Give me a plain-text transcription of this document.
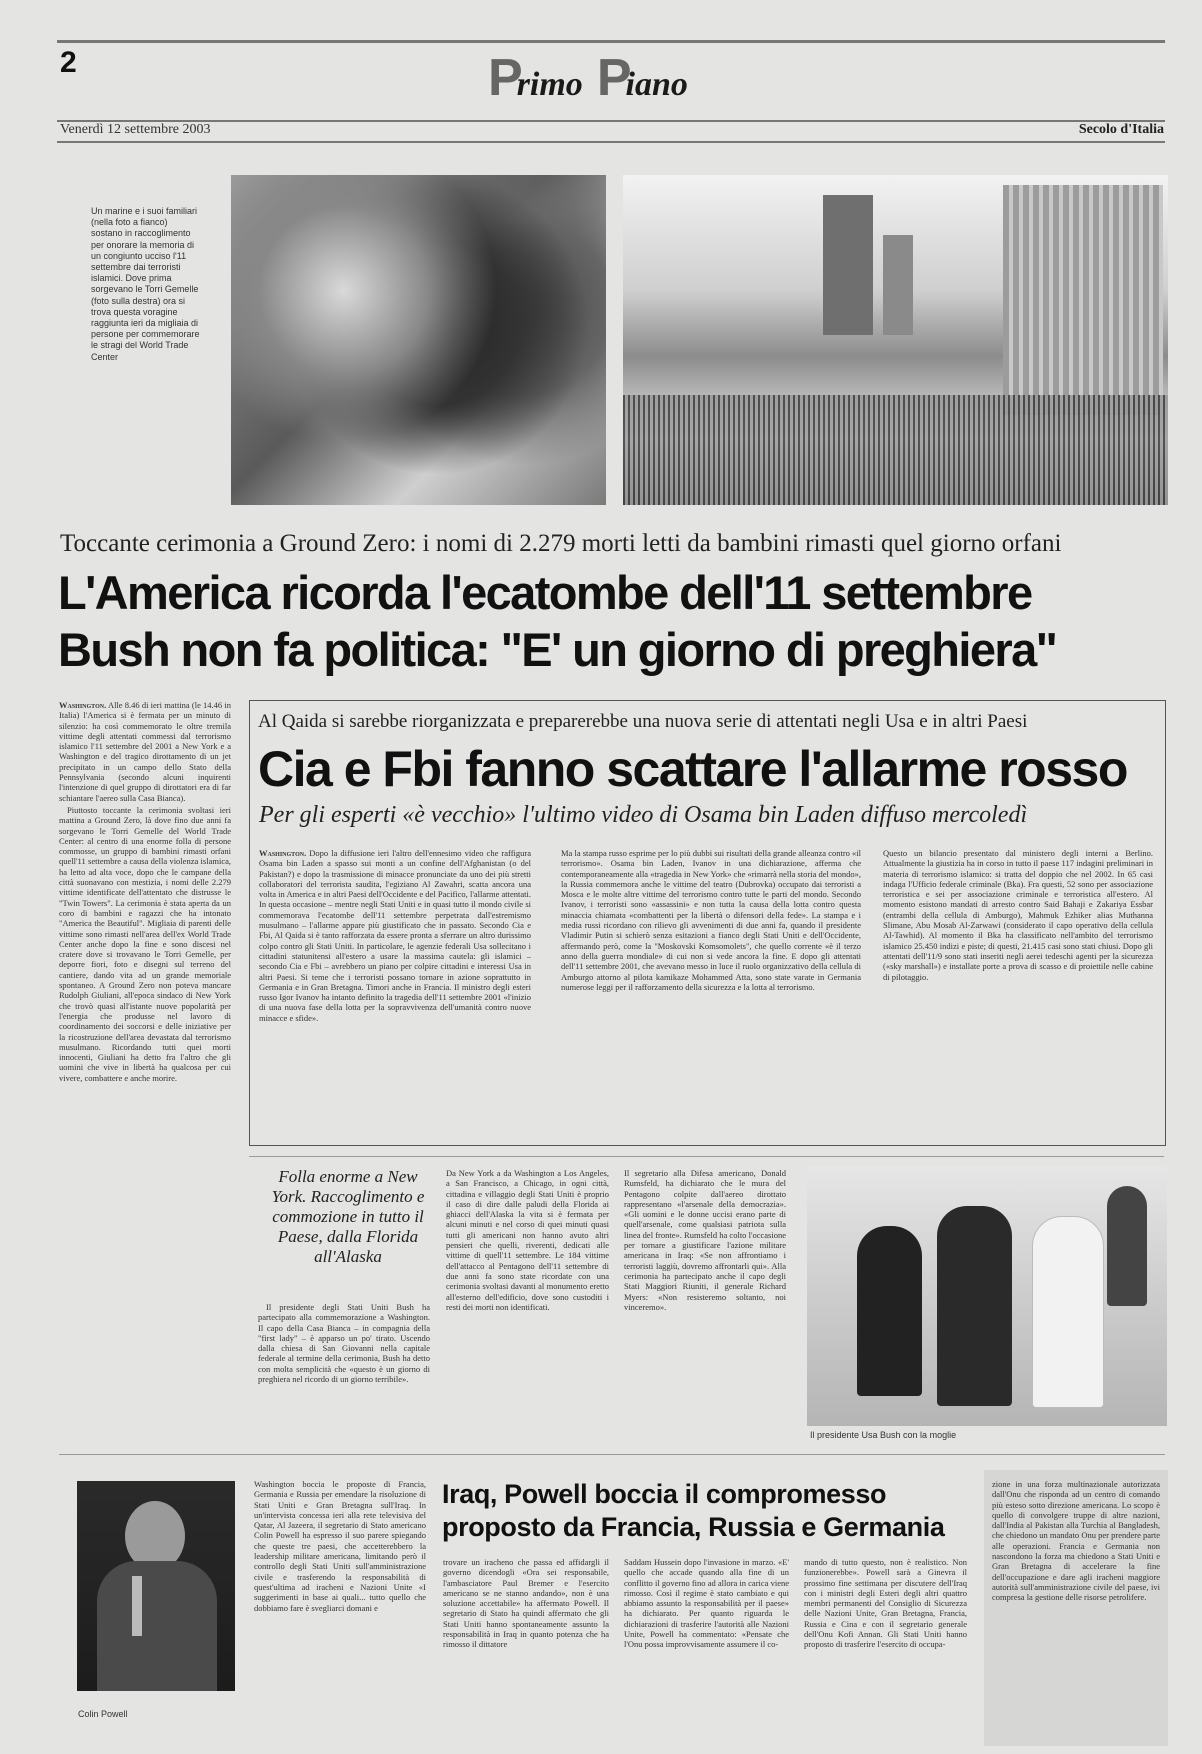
2	Primo Piano
Venerdì 12 settembre 2003	Secolo d'Italia
Un marine e i suoi familiari (nella foto a fianco) sostano in raccoglimento per onorare la memoria di un congiunto ucciso l'11 settembre dai terroristi islamici. Dove prima sorgevano le Torri Gemelle (foto sulla destra) ora si trova questa voragine raggiunta ieri da migliaia di persone per commemorare le stragi del World Trade Center
Toccante cerimonia a Ground Zero: i nomi di 2.279 morti letti da bambini rimasti quel giorno orfani
L'America ricorda l'ecatombe dell'11 settembre
Bush non fa politica: "E' un giorno di preghiera"

Washington. Alle 8.46 di ieri mattina (le 14.46 in Italia) l'America si è fermata per un minuto di silenzio: ha così commemorato le oltre tremila vittime degli attentati commessi dal terrorismo islamico l'11 settembre del 2001 a New York e a Washington e del tragico dirottamento di un jet precipitato in un campo dello Stato della Pennsylvania (secondo alcuni inquirenti l'intenzione di quel gruppo di dirottatori era di far schiantare l'aereo sulla Casa Bianca).

Piuttosto toccante la cerimonia svoltasi ieri mattina a Ground Zero, là dove fino due anni fa sorgevano le Torri Gemelle del World Trade Center: al centro di una enorme folla di persone commosse, un gruppo di bambini rimasti orfani quell'11 settembre a causa della violenza islamica, ha letto ad alta voce, dopo che le campane della città suonavano con mestizia, i nomi delle 2.279 vittime identificate dell'attentato che distrusse le "Twin Towers". La cerimonia è stata aperta da un coro di bambini e ragazzi che ha intonato "America the Beautiful". Migliaia di parenti delle vittime sono rimasti nell'area dell'ex World Trade Center anche dopo la fine e sono discesi nel cratere dove si trovavano le Torri Gemelle, per deporre fiori, foto e disegni sul terreno del cantiere, dando vita ad un grande memoriale spontaneo. A Ground Zero non poteva mancare Rudolph Giuliani, all'epoca sindaco di New York che trovò quasi all'istante nuove popolarità per l'energia che produsse nel lavoro di coordinamento dei soccorsi e delle iniziative per la ricostruzione dell'area devastata dal terrorismo musulmano. Ricordando tutti quei morti innocenti, Giuliani ha detto fra l'altro che gli uomini che vive in libertà ha qualcosa per cui vivere, combattere e anche morire.

Al Qaida si sarebbe riorganizzata e preparerebbe una nuova serie di attentati negli Usa e in altri Paesi
Cia e Fbi fanno scattare l'allarme rosso
Per gli esperti «è vecchio» l'ultimo video di Osama bin Laden diffuso mercoledì

Washington. Dopo la diffusione ieri l'altro dell'ennesimo video che raffigura Osama bin Laden a spasso sui monti a un confine dell'Afghanistan (o del Pakistan?) e dopo la trasmissione di minacce pronunciate da uno dei più stretti collaboratori del terrorista saudita, l'egiziano Al Zawahri, scatta ancora una volta in America e in altri Paesi dell'Occidente e del Pacifico, l'allarme attentati. In questa occasione – mentre negli Stati Uniti e in quasi tutto il mondo civile si commemorava l'ecatombe dell'11 settembre perpetrata dall'estremismo musulmano – l'allarme appare più giustificato che in passato. Secondo Cia e Fbi, Al Qaida si è tanto rafforzata da essere pronta a sferrare un altro durissimo colpo contro gli Stati Uniti. In particolare, le agenzie federali Usa sollecitano i cittadini statunitensi all'estero a usare la massima cautela: gli islamici – secondo Cia e Fbi – avrebbero un piano per colpire cittadini e interessi Usa in altri Paesi. Si teme che i terroristi possano tornare in azione soprattutto in Germania e in Gran Bretagna. Timori anche in Francia. Il ministro degli esteri russo Igor Ivanov ha intanto definito la tragedia dell'11 settembre 2001 «l'inizio di una nuova fase della lotta per la sopravvivenza dell'umanità contro nuove minacce e sfide».

Ma la stampa russo esprime per lo più dubbi sui risultati della grande alleanza contro «il terrorismo». Osama bin Laden, Ivanov in una dichiarazione, afferma che contemporaneamente alla «tragedia in New York» che «rimarrà nella storia del mondo», la Russia commemora anche le vittime del teatro (Dubrovka) occupato dai terroristi a Mosca e le molte altre vittime del terrorismo contro tutte le parti del mondo. Secondo Ivanov, i terroristi sono «assassini» e non tutta la causa della lotta contro questa minaccia chiamata «combattenti per la libertà o difensori della fede». La stampa e i media russi ricordano con rilievo gli avvenimenti di due anni fa, quando il presidente Vladimir Putin si schierò senza esitazioni a fianco degli Stati Uniti e dell'Occidente, affermando però, come la "Moskovski Komsomolets", che quello corrente «è il terzo anno della guerra mondiale» di cui non si vede ancora la fine. E dopo gli attentati dell'11 settembre 2001, che avevano messo in luce il ruolo organizzativo della cellula di Amburgo attorno al pilota kamikaze Mohammed Atta, sono state varate in Germania numerose leggi per il rafforzamento della sicurezza e la lotta al terrorismo.

Questo un bilancio presentato dal ministero degli interni a Berlino. Attualmente la giustizia ha in corso in tutto il paese 117 indagini preliminari in materia di terrorismo islamico: si tratta del doppio che nel 2002. In 65 casi indaga l'Ufficio federale criminale (Bka). Fra questi, 52 sono per associazione terroristica e sei per associazione criminale e terroristica all'estero. Al momento esistono mandati di arresto contro Said Bahaji e Zakariya Essbar (entrambi della cellula di Amburgo), Mahmuk Ezhiker alias Muthanna Slimane, Abu Mosab Al-Zarwawi (considerato il capo operativo della cellula Al-Tawhid). Al momento il Bka ha classificato nell'ambito del terrorismo islamico 25.450 indizi e piste; di questi, 21.415 casi sono stati chiusi. Dopo gli attentati dell'11/9 sono stati inseriti negli aerei tedeschi agenti per la sicurezza («sky marshall») e installate porte a prova di scasso e di proiettile nelle cabine di pilotaggio.

Folla enorme a New York. Raccoglimento e commozione in tutto il Paese, dalla Florida all'Alaska

Il presidente degli Stati Uniti Bush ha partecipato alla commemorazione a Washington. Il capo della Casa Bianca – in compagnia della "first lady" – è apparso un po' tirato. Uscendo dalla chiesa di San Giovanni nella capitale federale al termine della cerimonia, Bush ha detto con molta semplicità che «questo è un giorno di preghiera nel ricordo di un giorno terribile».

Da New York a da Washington a Los Angeles, a San Francisco, a Chicago, in ogni città, cittadina e villaggio degli Stati Uniti è proprio il caso di dire dalle paludi della Florida ai ghiacci dell'Alaska la vita si è fermata per alcuni minuti e nel corso di quei minuti quasi tutti gli americani non hanno avuto altri pensieri che quelli, riverenti, dedicati alle vittime di quell'11 settembre. Le 184 vittime dell'attacco al Pentagono dell'11 settembre di due anni fa sono state ricordate con una cerimonia svoltasi davanti al monumento eretto all'esterno dell'edificio, dove sono custoditi i resti dei morti non identificati.

Il segretario alla Difesa americano, Donald Rumsfeld, ha dichiarato che le mura del Pentagono colpite dall'aereo dirottato rappresentano «l'arsenale della democrazia». «Gli uomini e le donne uccisi erano parte di quell'arsenale, come qualsiasi patriota sulla linea del fronte». Rumsfeld ha colto l'occasione per tornare a giustificare l'azione militare americana in Iraq: «Se non affrontiamo i terroristi laggiù, dovremo affrontarli qui». Alla cerimonia ha partecipato anche il capo degli Stati Maggiori Riuniti, il generale Richard Myers: «Non resisteremo soltanto, noi vinceremo».

Il presidente Usa Bush con la moglie
Colin Powell

Washington boccia le proposte di Francia, Germania e Russia per emendare la risoluzione di Stati Uniti e Gran Bretagna sull'Iraq. In un'intervista concessa ieri alla rete televisiva del Qatar, Al Jazeera, il segretario di Stato americano Colin Powell ha espresso il suo parere spiegando che queste tre paesi, che accetterebbero la leadership militare americana, limitando però il controllo degli Stati Uniti sull'amministrazione civile e trasferendo la responsabilità di quest'ultima ad iracheni e Nazioni Unite «I suggerimenti in base ai quali... tutto quello che dobbiamo fare è svegliarci domani e

Iraq, Powell boccia il compromesso proposto da Francia, Russia e Germania

trovare un iracheno che passa ed affidargli il governo dicendogli «Ora sei responsabile, l'ambasciatore Paul Bremer e l'esercito americano se ne stanno andando», non è una soluzione accettabile» ha affermato Powell. Il segretario di Stato ha quindi affermato che gli Stati Uniti hanno spontaneamente assunto la responsabilità in Iraq in quanto potenza che ha rimosso il dittatore

Saddam Hussein dopo l'invasione in marzo. «E' quello che accade quando alla fine di un conflitto il governo fino ad allora in carica viene rimosso. Così il regime è stato cambiato e qui abbiamo assunto la responsabilità per il paese» ha dichiarato. Per quanto riguarda le dichiarazioni di trasferire l'autorità alle Nazioni Unite, Powell ha commentato: «Pensate che l'Onu possa improvvisamente assumere il co-

mando di tutto questo, non è realistico. Non funzionerebbe». Powell sarà a Ginevra il prossimo fine settimana per discutere dell'Iraq con i ministri degli Esteri degli altri quattro membri permanenti del Consiglio di Sicurezza delle Nazioni Unite, Gran Bretagna, Francia, Russia e Cina e con il segretario generale dell'Onu Kofi Annan. Gli Stati Uniti hanno proposto di trasferire l'esercito di occupa-

zione in una forza multinazionale autorizzata dall'Onu che risponda ad un centro di comando più esteso sotto direzione americana. Lo scopo è quello di convolgere truppe di altre nazioni, dall'India al Pakistan alla Turchia al Bangladesh, che chiedono un mandato Onu per prendere parte alle operazioni. Francia e Germania non nascondono la forza ma chiedono a Stati Uniti e Gran Bretagna di accelerare la fine dell'occupazione e dare agli iracheni maggiore autorità sull'amministrazione civile del paese, ivi compresa la gestione delle risorse petrolifere.
